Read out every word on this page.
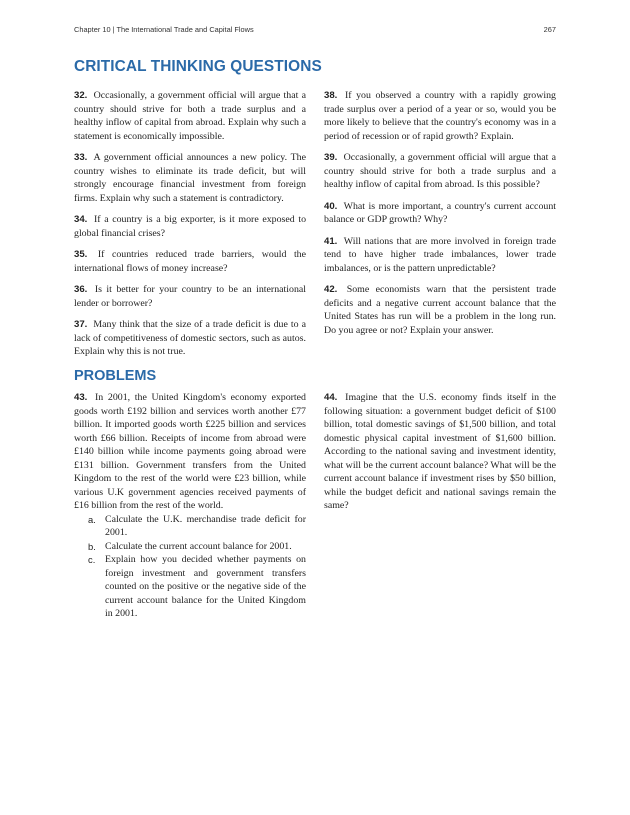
Chapter 10 | The International Trade and Capital Flows	267
CRITICAL THINKING QUESTIONS

32. Occasionally, a government official will argue that a country should strive for both a trade surplus and a healthy inflow of capital from abroad. Explain why such a statement is economically impossible.

33. A government official announces a new policy. The country wishes to eliminate its trade deficit, but will strongly encourage financial investment from foreign firms. Explain why such a statement is contradictory.

34. If a country is a big exporter, is it more exposed to global financial crises?

35. If countries reduced trade barriers, would the international flows of money increase?

36. Is it better for your country to be an international lender or borrower?

37. Many think that the size of a trade deficit is due to a lack of competitiveness of domestic sectors, such as autos. Explain why this is not true.

38. If you observed a country with a rapidly growing trade surplus over a period of a year or so, would you be more likely to believe that the country's economy was in a period of recession or of rapid growth? Explain.

39. Occasionally, a government official will argue that a country should strive for both a trade surplus and a healthy inflow of capital from abroad. Is this possible?

40. What is more important, a country's current account balance or GDP growth? Why?

41. Will nations that are more involved in foreign trade tend to have higher trade imbalances, lower trade imbalances, or is the pattern unpredictable?

42. Some economists warn that the persistent trade deficits and a negative current account balance that the United States has run will be a problem in the long run. Do you agree or not? Explain your answer.

PROBLEMS

43. In 2001, the United Kingdom's economy exported goods worth £192 billion and services worth another £77 billion. It imported goods worth £225 billion and services worth £66 billion. Receipts of income from abroad were £140 billion while income payments going abroad were £131 billion. Government transfers from the United Kingdom to the rest of the world were £23 billion, while various U.K government agencies received payments of £16 billion from the rest of the world.

a. Calculate the U.K. merchandise trade deficit for 2001.
b. Calculate the current account balance for 2001.
c. Explain how you decided whether payments on foreign investment and government transfers counted on the positive or the negative side of the current account balance for the United Kingdom in 2001.

44. Imagine that the U.S. economy finds itself in the following situation: a government budget deficit of $100 billion, total domestic savings of $1,500 billion, and total domestic physical capital investment of $1,600 billion. According to the national saving and investment identity, what will be the current account balance? What will be the current account balance if investment rises by $50 billion, while the budget deficit and national savings remain the same?
